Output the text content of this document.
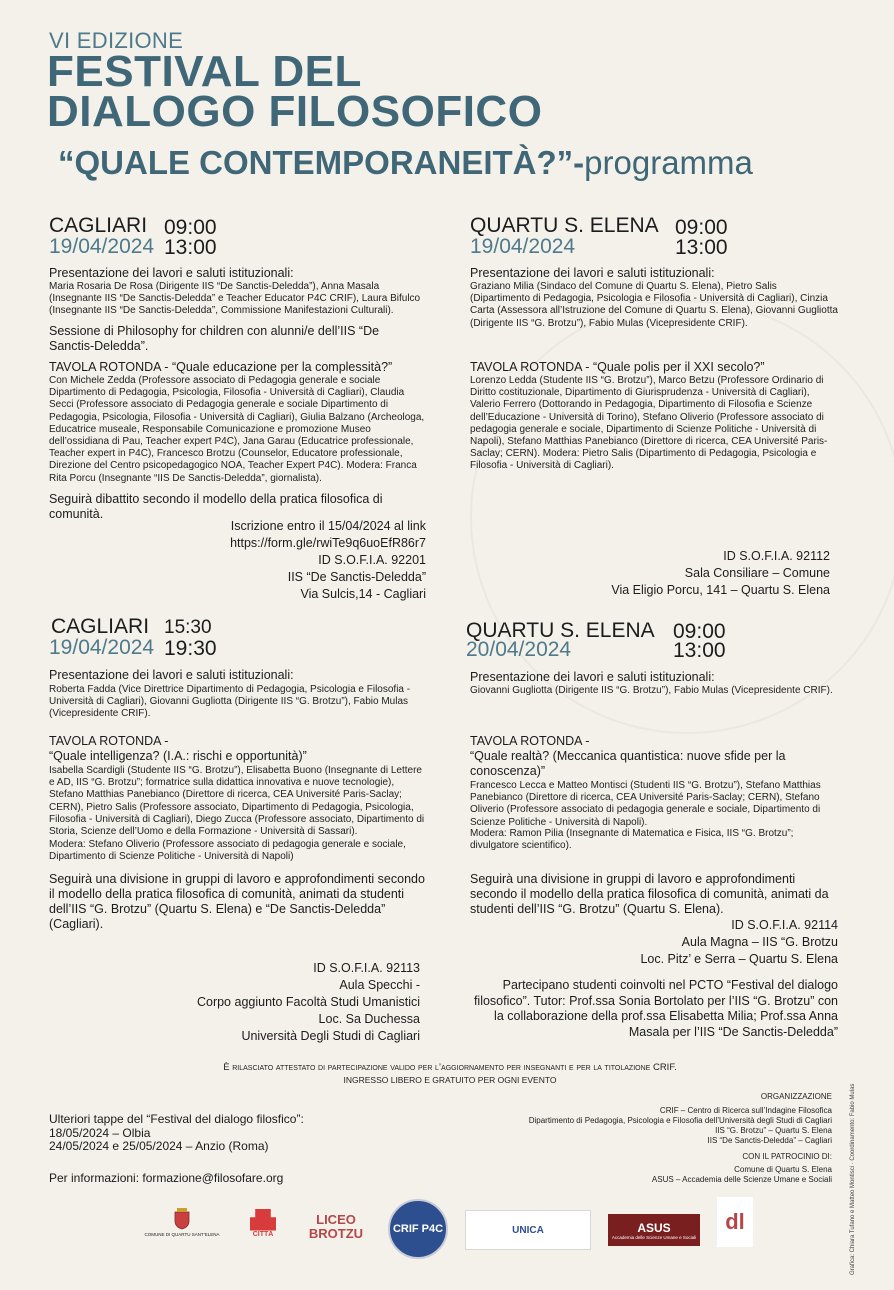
VI EDIZIONE
FESTIVAL DEL
DIALOGO FILOSOFICO
“QUALE CONTEMPORANEITÀ?”-programma
CAGLIARI
19/04/2024
09:00
13:00
Presentazione dei lavori e saluti istituzionali:
Maria Rosaria De Rosa (Dirigente IIS “De Sanctis-Deledda”), Anna Masala (Insegnante IIS “De Sanctis-Deledda” e Teacher Educator P4C CRIF), Laura Bifulco (Insegnante IIS “De Sanctis-Deledda”, Commissione Manifestazioni Culturali).
Sessione di Philosophy for children con alunni/e dell’IIS “De Sanctis-Deledda”.
TAVOLA ROTONDA - “Quale educazione per la complessità?”
Con Michele Zedda (Professore associato di Pedagogia generale e sociale Dipartimento di Pedagogia, Psicologia, Filosofia - Università di Cagliari), Claudia Secci (Professore associato di Pedagogia generale e sociale Dipartimento di Pedagogia, Psicologia, Filosofia - Università di Cagliari), Giulia Balzano (Archeologa, Educatrice museale, Responsabile Comunicazione e promozione Museo dell’ossidiana di Pau, Teacher expert P4C), Jana Garau (Educatrice professionale, Teacher expert in P4C), Francesco Brotzu (Counselor, Educatore professionale, Direzione del Centro psicopedagogico NOA, Teacher Expert P4C). Modera: Franca Rita Porcu (Insegnante “IIS De Sanctis-Deledda”, giornalista).
Seguirà dibattito secondo il modello della pratica filosofica di comunità.
Iscrizione entro il 15/04/2024 al link
https://form.gle/rwiTe9q6uoEfR86r7
ID S.O.F.I.A. 92201
IIS “De Sanctis-Deledda”
Via Sulcis,14 - Cagliari
QUARTU S. ELENA
19/04/2024
09:00
13:00
Presentazione dei lavori e saluti istituzionali:
Graziano Milia (Sindaco del Comune di Quartu S. Elena), Pietro Salis (Dipartimento di Pedagogia, Psicologia e Filosofia - Università di Cagliari), Cinzia Carta (Assessora all’Istruzione del Comune di Quartu S. Elena), Giovanni Gugliotta (Dirigente IIS “G. Brotzu”), Fabio Mulas (Vicepresidente CRIF).
TAVOLA ROTONDA - “Quale polis per il XXI secolo?”
Lorenzo Ledda (Studente IIS “G. Brotzu”), Marco Betzu (Professore Ordinario di Diritto costituzionale, Dipartimento di Giurisprudenza - Università di Cagliari), Valerio Ferrero (Dottorando in Pedagogia, Dipartimento di Filosofia e Scienze dell’Educazione - Università di Torino), Stefano Oliverio (Professore associato di pedagogia generale e sociale, Dipartimento di Scienze Politiche - Università di Napoli), Stefano Matthias Panebianco (Direttore di ricerca, CEA Université Paris-Saclay; CERN). Modera: Pietro Salis (Dipartimento di Pedagogia, Psicologia e Filosofia - Università di Cagliari).
ID S.O.F.I.A. 92112
Sala Consiliare – Comune
Via Eligio Porcu, 141 – Quartu S. Elena
CAGLIARI
19/04/2024
15:30
19:30
Presentazione dei lavori e saluti istituzionali:
Roberta Fadda (Vice Direttrice Dipartimento di Pedagogia, Psicologia e Filosofia - Università di Cagliari), Giovanni Gugliotta (Dirigente IIS “G. Brotzu”), Fabio Mulas (Vicepresidente CRIF).
TAVOLA ROTONDA -
“Quale intelligenza? (I.A.: rischi e opportunità)”
Isabella Scardigli (Studente IIS “G. Brotzu”), Elisabetta Buono (Insegnante di Lettere e AD, IIS “G. Brotzu”; formatrice sulla didattica innovativa e nuove tecnologie), Stefano Matthias Panebianco (Direttore di ricerca, CEA Université Paris-Saclay; CERN), Pietro Salis (Professore associato, Dipartimento di Pedagogia, Psicologia, Filosofia - Università di Cagliari), Diego Zucca (Professore associato, Dipartimento di Storia, Scienze dell’Uomo e della Formazione - Università di Sassari).
Modera: Stefano Oliverio (Professore associato di pedagogia generale e sociale, Dipartimento di Scienze Politiche - Università di Napoli)
Seguirà una divisione in gruppi di lavoro e approfondimenti secondo il modello della pratica filosofica di comunità, animati da studenti dell’IIS “G. Brotzu” (Quartu S. Elena) e “De Sanctis-Deledda” (Cagliari).
ID S.O.F.I.A. 92113
Aula Specchi -
Corpo aggiunto Facoltà Studi Umanistici
Loc. Sa Duchessa
Università Degli Studi di Cagliari
QUARTU S. ELENA
20/04/2024
09:00
13:00
Presentazione dei lavori e saluti istituzionali:
Giovanni Gugliotta (Dirigente IIS “G. Brotzu”), Fabio Mulas (Vicepresidente CRIF).
TAVOLA ROTONDA -
“Quale realtà? (Meccanica quantistica: nuove sfide per la conoscenza)”
Francesco Lecca e Matteo Montisci (Studenti IIS “G. Brotzu”), Stefano Matthias Panebianco (Direttore di ricerca, CEA Université Paris-Saclay; CERN), Stefano Oliverio (Professore associato di pedagogia generale e sociale, Dipartimento di Scienze Politiche - Università di Napoli).
Modera: Ramon Pilia (Insegnante di Matematica e Fisica, IIS “G. Brotzu”; divulgatore scientifico).
Seguirà una divisione in gruppi di lavoro e approfondimenti secondo il modello della pratica filosofica di comunità, animati da studenti dell’IIS “G. Brotzu” (Quartu S. Elena).
ID S.O.F.I.A. 92114
Aula Magna – IIS “G. Brotzu
Loc. Pitz’ e Serra – Quartu S. Elena
Partecipano studenti coinvolti nel PCTO “Festival del dialogo filosofico”. Tutor: Prof.ssa Sonia Bortolato per l’IIS “G. Brotzu” con la collaborazione della prof.ssa Elisabetta Milia; Prof.ssa Anna Masala per l’IIS “De Sanctis-Deledda”
È rilasciato attestato di partecipazione valido per l’aggiornamento per insegnanti e per la titolazione CRIF.
INGRESSO LIBERO E GRATUITO PER OGNI EVENTO
Ulteriori tappe del “Festival del dialogo filosfico”:
18/05/2024 – Olbia
24/05/2024 e 25/05/2024 – Anzio (Roma)
Per informazioni: formazione@filosofare.org
ORGANIZZAZIONE
CRIF – Centro di Ricerca sull’Indagine Filosofica
Dipartimento di Pedagogia, Psicologia e Filosofia dell’Università degli Studi di Cagliari
IIS “G. Brotzu” – Quartu S. Elena
IIS “De Sanctis-Deledda” – Cagliari
CON IL PATROCINIO DI:
Comune di Quartu S. Elena
ASUS – Accademia delle Scienze Umane e Sociali	Grafica: Chiara Tufano e Matteo Montisci · Coordinamento: Fabio Mulas
COMUNE DI QUARTU SANT’ELENA	CITTÀ
LICEO BROTZU	CRIF P4C	UNICA	ASUS
Accademia delle Scienze Umane e Sociali
dl
